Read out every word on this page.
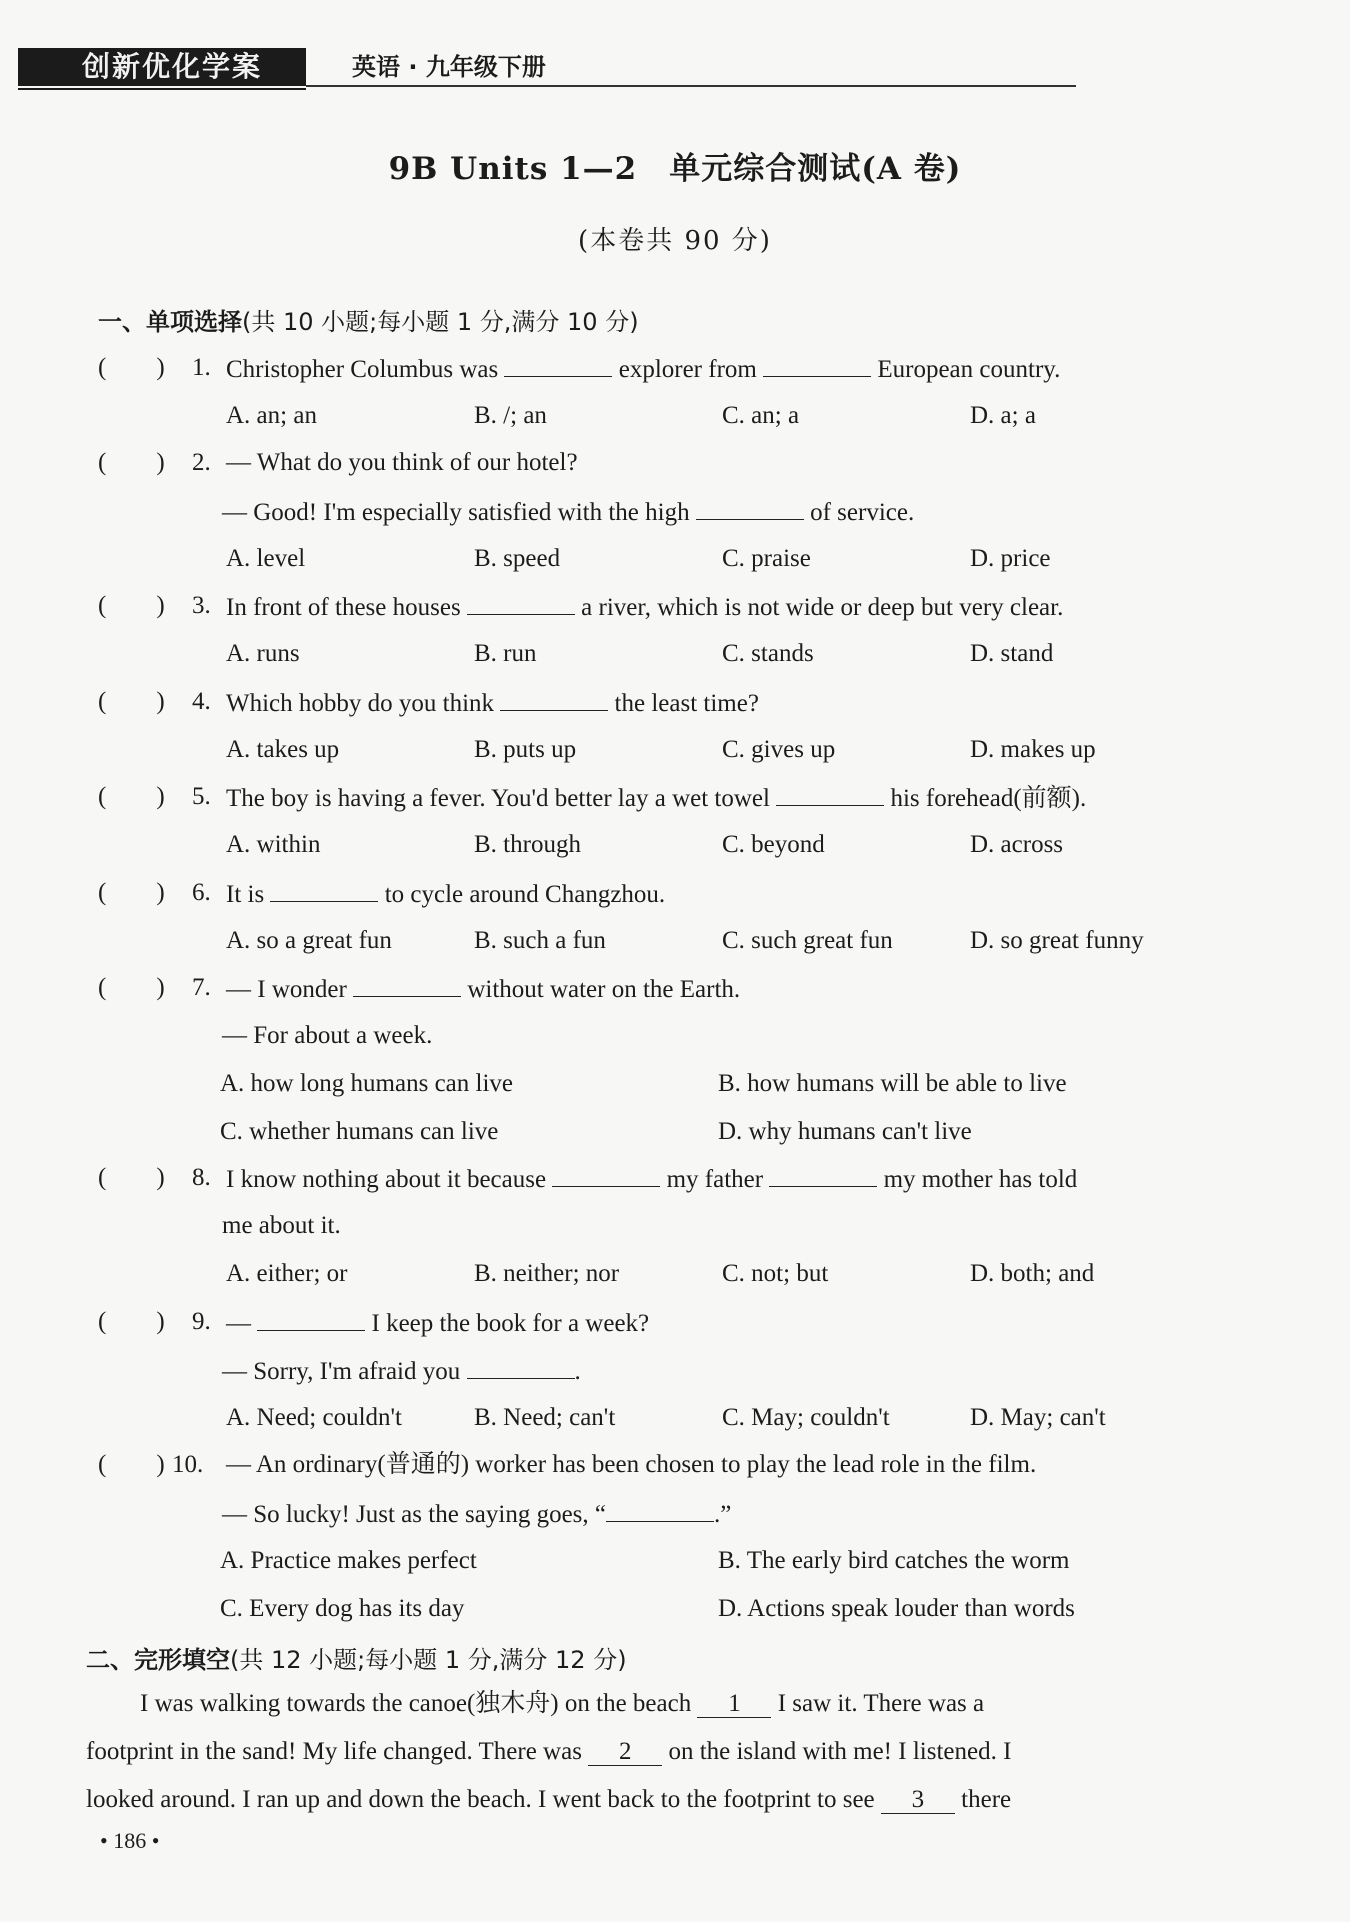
创新优化学案	英语 · 九年级下册
9B Units 1—2　单元综合测试(A 卷)
(本卷共 90 分)
一、单项选择(共 10 小题;每小题 1 分,满分 10 分)
(  ) 1. Christopher Columbus was	explorer from	European country.
A. an; an	B. /; an	C. an; a	D. a; a
(  ) 2. — What do you think of our hotel?
— Good! I'm especially satisfied with the high	of service.
A. level	B. speed	C. praise	D. price
(  ) 3. In front of these houses	a river, which is not wide or deep but very clear.
A. runs	B. run	C. stands	D. stand
(  ) 4. Which hobby do you think	the least time?
A. takes up	B. puts up	C. gives up	D. makes up
(  ) 5. The boy is having a fever. You'd better lay a wet towel	his forehead(前额).
A. within	B. through	C. beyond	D. across
(  ) 6. It is	to cycle around Changzhou.
A. so a great fun	B. such a fun	C. such great fun	D. so great funny
(  ) 7. — I wonder	without water on the Earth.
— For about a week.
A. how long humans can live	B. how humans will be able to live
C. whether humans can live	D. why humans can't live
(  ) 8. I know nothing about it because	my father	my mother has told
me about it.
A. either; or	B. neither; nor	C. not; but	D. both; and
(  ) 9. —	I keep the book for a week?
— Sorry, I'm afraid you	.
A. Need; couldn't	B. Need; can't	C. May; couldn't	D. May; can't
(  ) 10. — An ordinary(普通的) worker has been chosen to play the lead role in the film.
— So lucky! Just as the saying goes, “	.”
A. Practice makes perfect	B. The early bird catches the worm
C. Every dog has its day	D. Actions speak louder than words
二、完形填空(共 12 小题;每小题 1 分,满分 12 分)
I was walking towards the canoe(独木舟) on the beach 1 I saw it. There was a
footprint in the sand! My life changed. There was 2 on the island with me! I listened. I
looked around. I ran up and down the beach. I went back to the footprint to see 3 there
• 186 •
